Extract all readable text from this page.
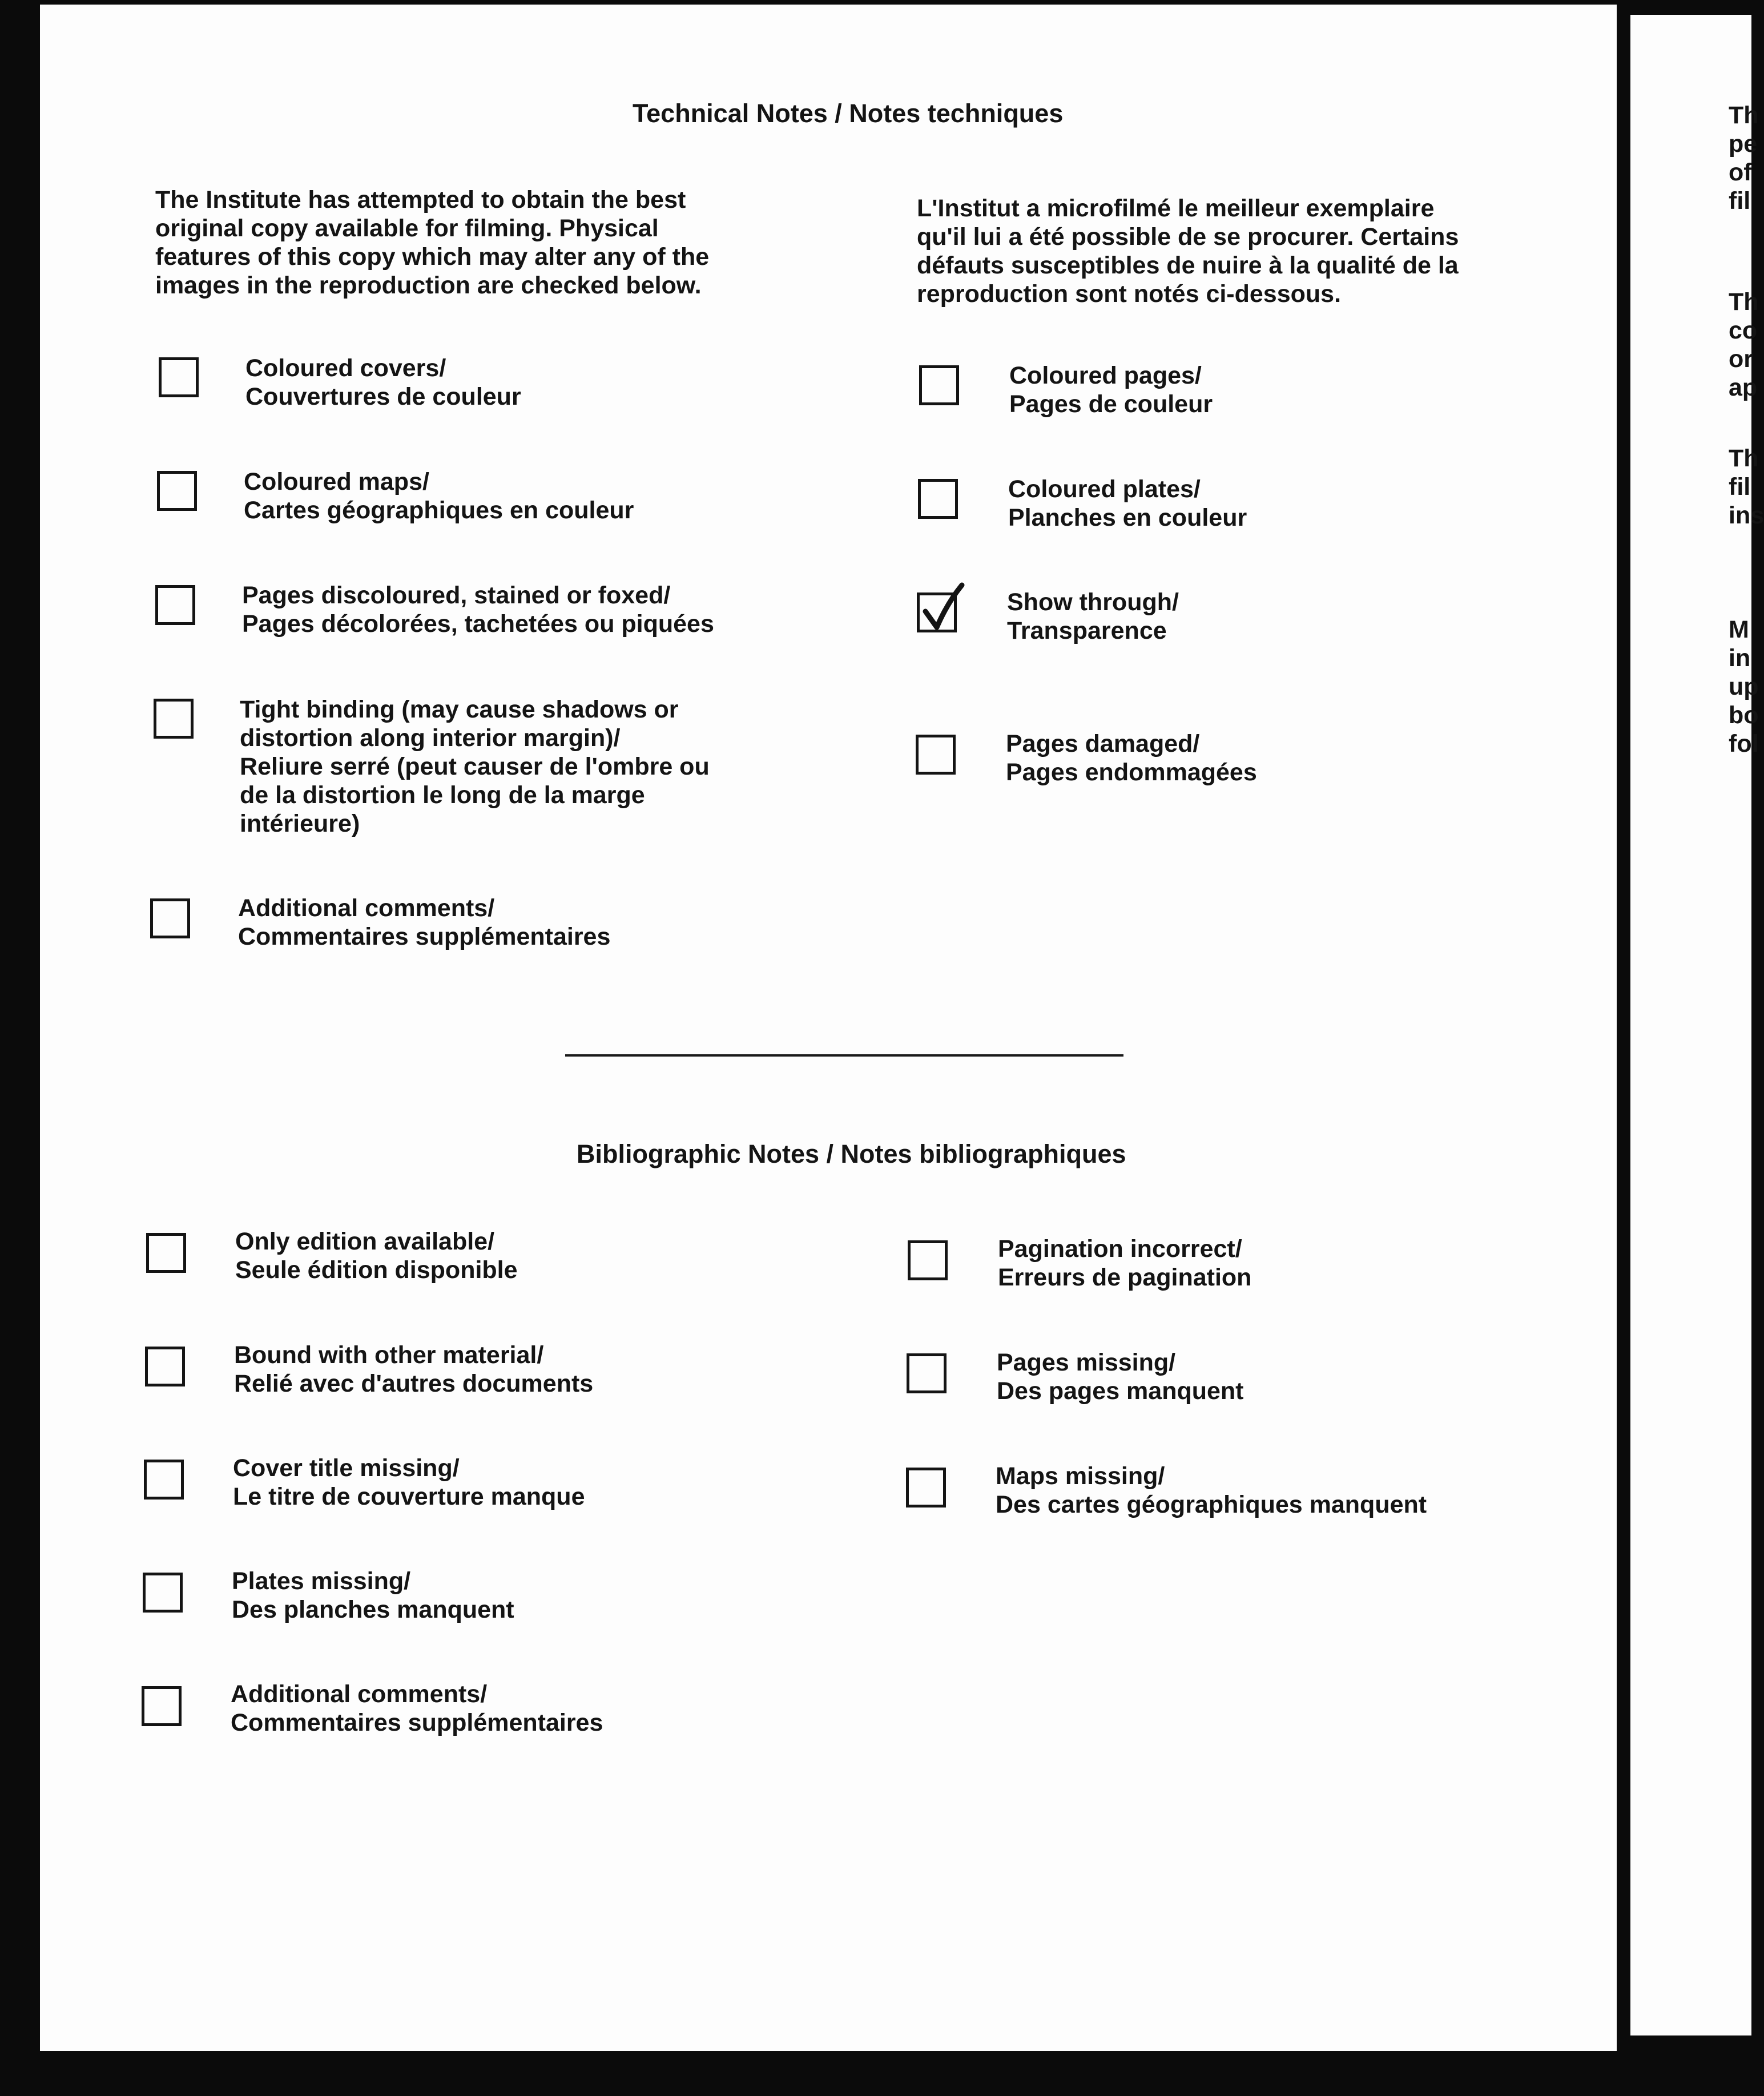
Technical Notes / Notes techniques
The Institute has attempted to obtain the best
original copy available for filming. Physical
features of this copy which may alter any of the
images in the reproduction are checked below.
L'Institut a microfilmé le meilleur exemplaire
qu'il lui a été possible de se procurer. Certains
défauts susceptibles de nuire à la qualité de la
reproduction sont notés ci-dessous.
Coloured covers/
Couvertures de couleur
Coloured maps/
Cartes géographiques en couleur
Pages discoloured, stained or foxed/
Pages décolorées, tachetées ou piquées
Tight binding (may cause shadows or
distortion along interior margin)/
Reliure serré (peut causer de l'ombre ou
de la distortion le long de la marge
intérieure)
Additional comments/
Commentaires supplémentaires
Coloured pages/
Pages de couleur
Coloured plates/
Planches en couleur
Show through/
Transparence
Pages damaged/
Pages endommagées
Bibliographic Notes / Notes bibliographiques
Only edition available/
Seule édition disponible
Bound with other material/
Relié avec d'autres documents
Cover title missing/
Le titre de couverture manque
Plates missing/
Des planches manquent
Additional comments/
Commentaires supplémentaires
Pagination incorrect/
Erreurs de pagination
Pages missing/
Des pages manquent
Maps missing/
Des cartes géographiques manquent
Th
pe
of
fil
Th
co
or
ap
Th
fil
ins
M
in
up
bo
fol
